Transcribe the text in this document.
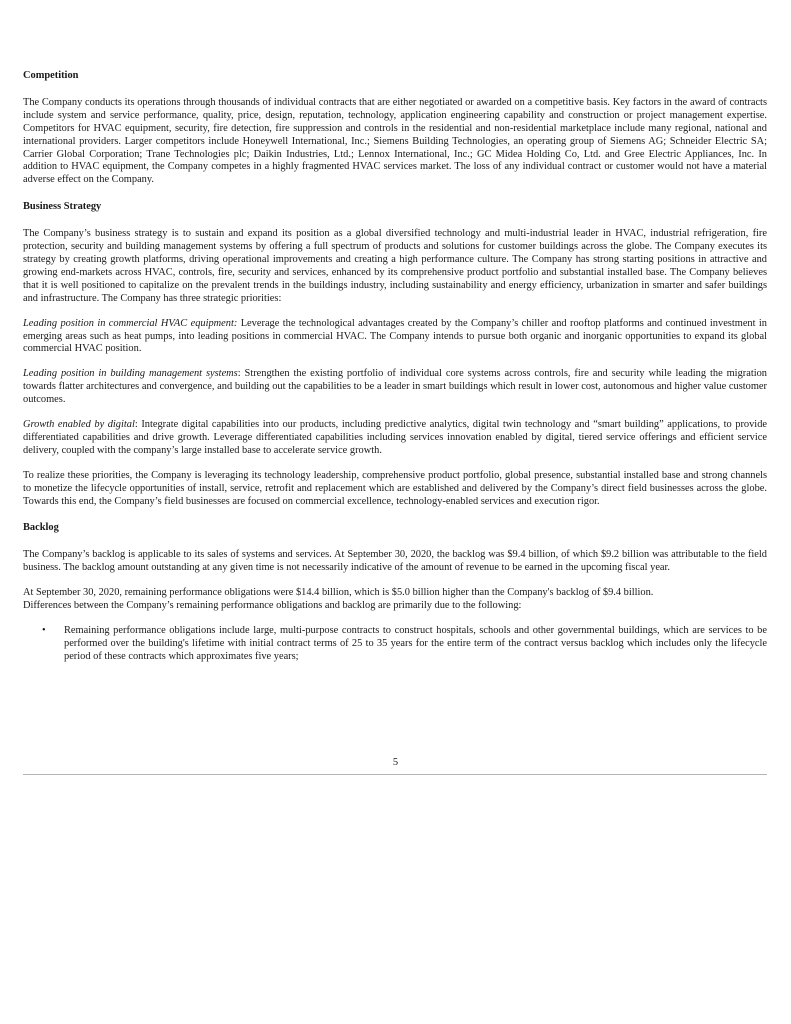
Competition

The Company conducts its operations through thousands of individual contracts that are either negotiated or awarded on a competitive basis. Key factors in the award of contracts include system and service performance, quality, price, design, reputation, technology, application engineering capability and construction or project management expertise. Competitors for HVAC equipment, security, fire detection, fire suppression and controls in the residential and non-residential marketplace include many regional, national and international providers. Larger competitors include Honeywell International, Inc.; Siemens Building Technologies, an operating group of Siemens AG; Schneider Electric SA; Carrier Global Corporation; Trane Technologies plc; Daikin Industries, Ltd.; Lennox International, Inc.; GC Midea Holding Co, Ltd. and Gree Electric Appliances, Inc. In addition to HVAC equipment, the Company competes in a highly fragmented HVAC services market. The loss of any individual contract or customer would not have a material adverse effect on the Company.

Business Strategy

The Company’s business strategy is to sustain and expand its position as a global diversified technology and multi-industrial leader in HVAC, industrial refrigeration, fire protection, security and building management systems by offering a full spectrum of products and solutions for customer buildings across the globe. The Company executes its strategy by creating growth platforms, driving operational improvements and creating a high performance culture. The Company has strong starting positions in attractive and growing end-markets across HVAC, controls, fire, security and services, enhanced by its comprehensive product portfolio and substantial installed base. The Company believes that it is well positioned to capitalize on the prevalent trends in the buildings industry, including sustainability and energy efficiency, urbanization in smarter and safer buildings and infrastructure. The Company has three strategic priorities:

Leading position in commercial HVAC equipment: Leverage the technological advantages created by the Company’s chiller and rooftop platforms and continued investment in emerging areas such as heat pumps, into leading positions in commercial HVAC. The Company intends to pursue both organic and inorganic opportunities to expand its global commercial HVAC position.

Leading position in building management systems: Strengthen the existing portfolio of individual core systems across controls, fire and security while leading the migration towards flatter architectures and convergence, and building out the capabilities to be a leader in smart buildings which result in lower cost, autonomous and higher value customer outcomes.

Growth enabled by digital: Integrate digital capabilities into our products, including predictive analytics, digital twin technology and “smart building” applications, to provide differentiated capabilities and drive growth. Leverage differentiated capabilities including services innovation enabled by digital, tiered service offerings and efficient service delivery, coupled with the company’s large installed base to accelerate service growth.

To realize these priorities, the Company is leveraging its technology leadership, comprehensive product portfolio, global presence, substantial installed base and strong channels to monetize the lifecycle opportunities of install, service, retrofit and replacement which are established and delivered by the Company’s direct field businesses across the globe. Towards this end, the Company’s field businesses are focused on commercial excellence, technology-enabled services and execution rigor.

Backlog

The Company’s backlog is applicable to its sales of systems and services. At September 30, 2020, the backlog was $9.4 billion, of which $9.2 billion was attributable to the field business. The backlog amount outstanding at any given time is not necessarily indicative of the amount of revenue to be earned in the upcoming fiscal year.

At September 30, 2020, remaining performance obligations were $14.4 billion, which is $5.0 billion higher than the Company's backlog of $9.4 billion.
Differences between the Company’s remaining performance obligations and backlog are primarily due to the following:
• Remaining performance obligations include large, multi-purpose contracts to construct hospitals, schools and other governmental buildings, which are services to be performed over the building's lifetime with initial contract terms of 25 to 35 years for the entire term of the contract versus backlog which includes only the lifecycle period of these contracts which approximates five years;
5
